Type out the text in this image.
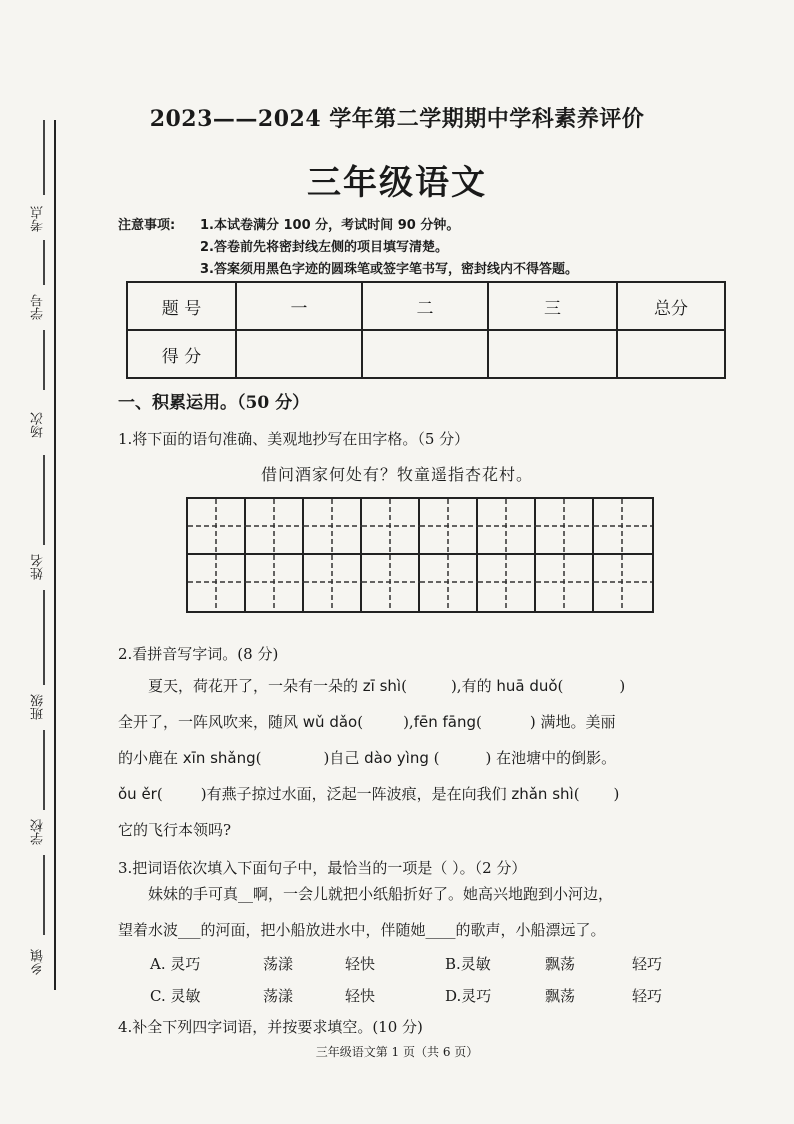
考点
学号
场次
姓名
班级
学校
乡镇
2023——2024 学年第二学期期中学科素养评价
三年级语文
注意事项: 1.本试卷满分 100 分，考试时间 90 分钟。
2.答卷前先将密封线左侧的项目填写清楚。
3.答案须用黑色字迹的圆珠笔或签字笔书写，密封线内不得答题。
题 号	一	二	三	总分
得 分				
一、积累运用。（50 分）
1.将下面的语句准确、美观地抄写在田字格。（5 分）
借问酒家何处有？牧童遥指杏花村。
2.看拼音写字词。(8 分)
夏天，荷花开了，一朵有一朵的 zī shì(	),有的 huā duǒ(	)
全开了，一阵风吹来，随风 wǔ dǎo(	),fēn fāng(	) 满地。美丽
的小鹿在 xīn shǎng(	)自己 dào yìng (	) 在池塘中的倒影。
ǒu ěr(	)有燕子掠过水面，泛起一阵波痕，是在向我们 zhǎn shì( )
它的飞行本领吗?
3.把词语依次填入下面句子中，最恰当的一项是（ ）。（2 分）
妹妹的手可真__啊，一会儿就把小纸船折好了。她高兴地跑到小河边，
望着水波___的河面，把小船放进水中，伴随她____的歌声，小船漂远了。
A. 灵巧	荡漾	轻快	B.灵敏	飘荡	轻巧
C. 灵敏	荡漾	轻快	D.灵巧	飘荡	轻巧
4.补全下列四字词语，并按要求填空。(10 分)
三年级语文第 1 页（共 6 页）
